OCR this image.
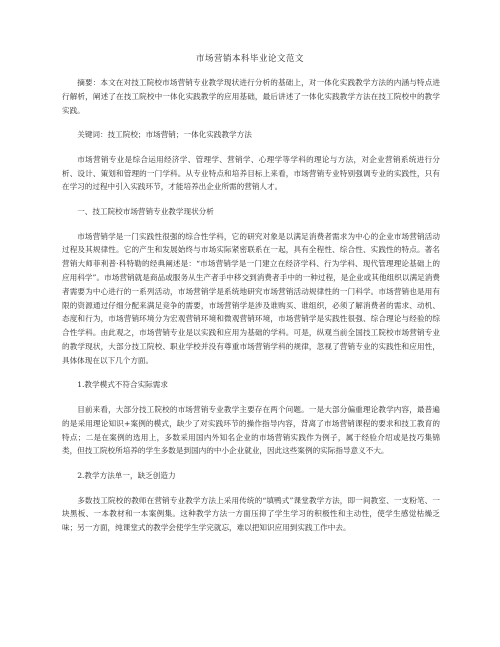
市场营销本科毕业论文范文

摘要：本文在对技工院校市场营销专业教学现状进行分析的基础上，对一体化实践教学方法的内涵与特点进行解析，阐述了在技工院校中一体化实践教学的应用基础，最后讲述了一体化实践教学方法在技工院校中的教学实践。

关键词：技工院校；市场营销；一体化实践教学方法

市场营销专业是综合运用经济学、管理学、营销学、心理学等学科的理论与方法，对企业营销系统进行分析、设计、策划和管理的一门学科。从专业特点和培养目标上来看，市场营销专业特别强调专业的实践性，只有在学习的过程中引入实践环节，才能培养出企业所需的营销人才。

一、技工院校市场营销专业教学现状分析

市场营销学是一门实践性很强的综合性学科，它的研究对象是以满足消费者需求为中心的企业市场营销活动过程及其规律性。它的产生和发展始终与市场实际紧密联系在一起，具有全程性、综合性、实践性的特点。著名营销大师菲利普·科特勒的经典阐述是：“市场营销学是一门建立在经济学科、行为学科、现代管理理论基础上的应用科学”。市场营销就是商品或服务从生产者手中移交到消费者手中的一种过程，是企业或其他组织以满足消费者需要为中心进行的一系列活动，市场营销学是系统地研究市场营销活动规律性的一门科学。市场营销也是用有限的资源通过仔细分配来满足竞争的需要，市场营销学是涉及谁购买、谁组织，必须了解消费者的需求、动机、态度和行为，市场营销环境分为宏观营销环境和微观营销环境，市场营销学是实践性很强、综合理论与经验的综合性学科。由此观之，市场营销专业是以实践和应用为基础的学科。可是，纵观当前全国技工院校市场营销专业的教学现状，大部分技工院校、职业学校并没有尊重市场营销学科的规律，忽视了营销专业的实践性和应用性，具体体现在以下几个方面。

1.教学模式不符合实际需求

目前来看，大部分技工院校的市场营销专业教学主要存在两个问题。一是大部分偏重理论教学内容，最普遍的是采用理论知识+案例的模式，缺少了对实践环节的操作指导内容，背离了市场营销课程的要求和技工教育的特点；二是在案例的选用上，多数采用国内外知名企业的市场营销实践作为例子，属于经验介绍或是技巧集锦类，但技工院校所培养的学生多数是到国内的中小企业就业，因此这些案例的实际指导意义不大。

2.教学方法单一，缺乏创造力

多数技工院校的教师在营销专业教学方法上采用传统的“填鸭式”课堂教学方法，即一间教室、一支粉笔、一块黑板、一本教材和一本案例集。这种教学方法一方面压抑了学生学习的积极性和主动性，使学生感觉枯燥乏味；另一方面，纯课堂式的教学会使学生学完就忘，难以把知识应用到实践工作中去。
